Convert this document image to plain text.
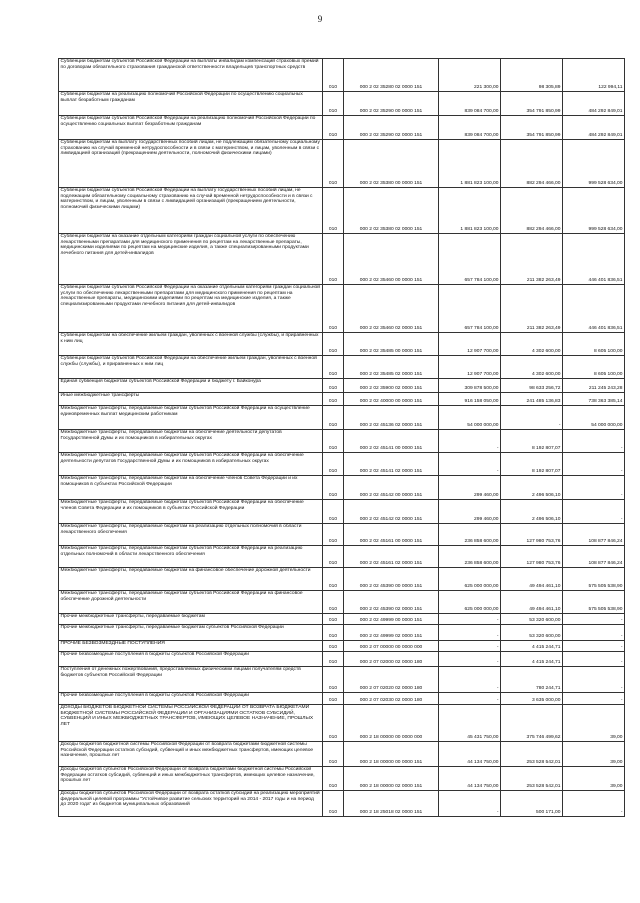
9
Субвенции бюджетам субъектов Российской Федерации на выплаты инвалидам компенсаций страховых премий по договорам обязательного страхования гражданской ответственности владельцев транспортных средств	010	000 2 02 35280 02 0000 151	221 300,00	98 305,89	122 994,11
Субвенции бюджетам на реализацию полномочий Российской Федерации по осуществлению социальных выплат безработным гражданам	010	000 2 02 35290 00 0000 151	839 084 700,00	354 791 850,99	484 292 849,01
Субвенции бюджетам субъектов Российской Федерации на реализацию полномочий Российской Федерации по осуществлению социальных выплат безработным гражданам	010	000 2 02 35290 02 0000 151	839 084 700,00	354 791 850,99	484 292 849,01
Субвенции бюджетам на выплату государственных пособий лицам, не подлежащим обязательному социальному страхованию на случай временной нетрудоспособности и в связи с материнством, и лицам, уволенным в связи с ликвидацией организаций (прекращением деятельности, полномочий физическими лицами)	010	000 2 02 35380 00 0000 151	1 881 823 100,00	882 294 466,00	999 528 634,00
Субвенции бюджетам субъектов Российской Федерации на выплату государственных пособий лицам, не подлежащим обязательному социальному страхованию на случай временной нетрудоспособности и в связи с материнством, и лицам, уволенным в связи с ликвидацией организаций (прекращением деятельности, полномочий физическими лицами)	010	000 2 02 35380 02 0000 151	1 881 823 100,00	882 294 466,00	999 528 634,00
Субвенции бюджетам на оказание отдельным категориям граждан социальной услуги по обеспечению лекарственными препаратами для медицинского применения по рецептам на лекарственные препараты, медицинскими изделиями по рецептам на медицинские изделия, а также специализированными продуктами лечебного питания для детей-инвалидов	010	000 2 02 35460 00 0000 151	657 784 100,00	211 382 263,49	446 401 836,51
Субвенции бюджетам субъектов Российской Федерации на оказание отдельным категориям граждан социальной услуги по обеспечению лекарственными препаратами для медицинского применения по рецептам на лекарственные препараты, медицинскими изделиями по рецептам на медицинские изделия, а также специализированными продуктами лечебного питания для детей-инвалидов	010	000 2 02 35460 02 0000 151	657 784 100,00	211 382 263,49	446 401 836,51
Субвенции бюджетам на обеспечение жильем граждан, уволенных с военной службы (службы), и приравненных к ним лиц	010	000 2 02 35485 00 0000 151	12 907 700,00	4 302 600,00	8 605 100,00
Субвенции бюджетам субъектов Российской Федерации на обеспечение жильем граждан, уволенных с военной службы (службы), и приравненных к ним лиц	010	000 2 02 35485 02 0000 151	12 907 700,00	4 302 600,00	8 605 100,00
Единая субвенция бюджетам субъектов Российской Федерации и бюджету г. Байконура	010	000 2 02 35900 02 0000 151	309 878 500,00	98 633 256,72	211 245 243,28
Иные межбюджетные трансферты	010	000 2 02 40000 00 0000 151	916 158 050,00	241 485 136,83	738 363 385,14
Межбюджетные трансферты, передаваемые бюджетам субъектов Российской Федерации на осуществление единовременных выплат медицинским работникам	010	000 2 02 45136 02 0000 151	54 000 000,00	-	54 000 000,00
Межбюджетные трансферты, передаваемые бюджетам на обеспечение деятельности депутатов Государственной Думы и их помощников в избирательных округах	010	000 2 02 45141 00 0000 151	-	8 192 807,07	-
Межбюджетные трансферты, передаваемые бюджетам субъектов Российской Федерации на обеспечение деятельности депутатов Государственной Думы и их помощников в избирательных округах	010	000 2 02 45141 02 0000 151	-	8 192 807,07	-
Межбюджетные трансферты, передаваемые бюджетам на обеспечение членов Совета Федерации и их помощников в субъектах Российской Федерации	010	000 2 02 45142 00 0000 151	299 460,00	2 496 506,10	-
Межбюджетные трансферты, передаваемые бюджетам субъектов Российской Федерации на обеспечение членов Совета Федерации и их помощников в субъектах Российской Федерации	010	000 2 02 45142 02 0000 151	299 460,00	2 496 506,10	-
Межбюджетные трансферты, передаваемые бюджетам на реализацию отдельных полномочий в области лекарственного обеспечения	010	000 2 02 45161 00 0000 151	236 858 600,00	127 980 753,76	108 877 846,24
Межбюджетные трансферты, передаваемые бюджетам субъектов Российской Федерации на реализацию отдельных полномочий в области лекарственного обеспечения	010	000 2 02 45161 02 0000 151	236 858 600,00	127 980 753,76	108 877 846,24
Межбюджетные трансферты, передаваемые бюджетам на финансовое обеспечение дорожной деятельности	010	000 2 02 45390 00 0000 151	625 000 000,00	49 494 461,10	575 505 538,90
Межбюджетные трансферты, передаваемые бюджетам субъектов Российской Федерации на финансовое обеспечение дорожной деятельности	010	000 2 02 45390 02 0000 151	625 000 000,00	49 494 461,10	575 505 538,90
Прочие межбюджетные трансферты, передаваемые бюджетам	010	000 2 02 49999 00 0000 151	-	53 320 600,00	-
Прочие межбюджетные трансферты, передаваемые бюджетам субъектов Российской Федерации	010	000 2 02 49999 02 0000 151	-	53 320 600,00	-
ПРОЧИЕ БЕЗВОЗМЕЗДНЫЕ ПОСТУПЛЕНИЯ	010	000 2 07 00000 00 0000 000	-	4 415 244,71	-
Прочие безвозмездные поступления в бюджеты субъектов Российской Федерации	010	000 2 07 02000 02 0000 180	-	4 415 244,71	-
Поступления от денежных пожертвований, предоставляемых физическими лицами получателям средств бюджетов субъектов Российской Федерации	010	000 2 07 02020 02 0000 180	-	780 244,71	-
Прочие безвозмездные поступления в бюджеты субъектов Российской Федерации	010	000 2 07 02030 02 0000 180	-	3 635 000,00	-
ДОХОДЫ БЮДЖЕТОВ БЮДЖЕТНОЙ СИСТЕМЫ РОССИЙСКОЙ ФЕДЕРАЦИИ ОТ ВОЗВРАТА БЮДЖЕТАМИ БЮДЖЕТНОЙ СИСТЕМЫ РОССИЙСКОЙ ФЕДЕРАЦИИ И ОРГАНИЗАЦИЯМИ ОСТАТКОВ СУБСИДИЙ, СУБВЕНЦИЙ И ИНЫХ МЕЖБЮДЖЕТНЫХ ТРАНСФЕРТОВ, ИМЕЮЩИХ ЦЕЛЕВОЕ НАЗНАЧЕНИЕ, ПРОШЛЫХ ЛЕТ	010	000 2 18 00000 00 0000 000	45 431 750,00	375 746 499,62	39,00
Доходы бюджетов бюджетной системы Российской Федерации от возврата бюджетами бюджетной системы Российской Федерации остатков субсидий, субвенций и иных межбюджетных трансфертов, имеющих целевое назначение, прошлых лет	010	000 2 18 00000 00 0000 151	44 134 750,00	253 528 542,01	39,00
Доходы бюджетов субъектов Российской Федерации от возврата бюджетами бюджетной системы Российской Федерации остатков субсидий, субвенций и иных межбюджетных трансфертов, имеющих целевое назначение, прошлых лет	010	000 2 18 00000 02 0000 151	44 134 750,00	253 528 542,01	39,00
Доходы бюджетов субъектов Российской Федерации от возврата остатков субсидий на реализацию мероприятий федеральной целевой программы "Устойчивое развитие сельских территорий на 2014 - 2017 годы и на период до 2020 года" из бюджетов муниципальных образований	010	000 2 18 25018 02 0000 151	-	500 171,00	-
